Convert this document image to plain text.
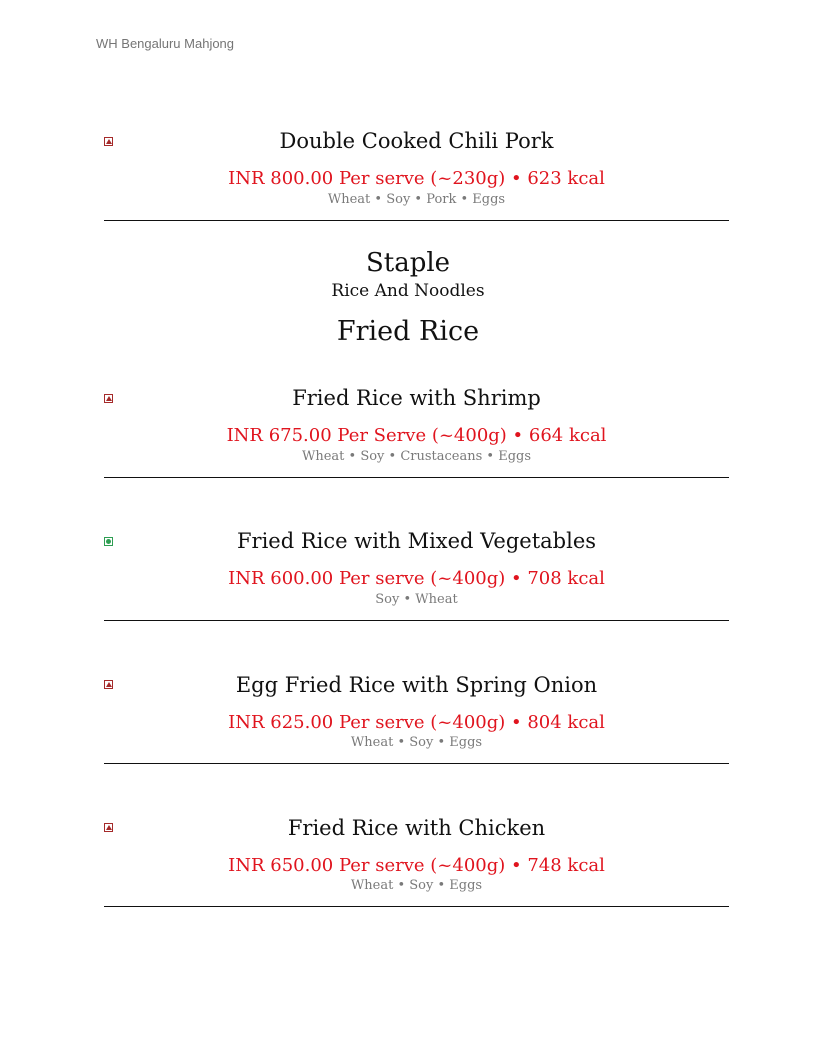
WH Bengaluru Mahjong
Double Cooked Chili Pork
INR 800.00 Per serve (~230g) • 623 kcal
Wheat • Soy • Pork • Eggs
Staple
Rice And Noodles
Fried Rice
Fried Rice with Shrimp
INR 675.00 Per Serve (~400g) • 664 kcal
Wheat • Soy • Crustaceans • Eggs
Fried Rice with Mixed Vegetables
INR 600.00 Per serve (~400g) • 708 kcal
Soy • Wheat
Egg Fried Rice with Spring Onion
INR 625.00 Per serve (~400g) • 804 kcal
Wheat • Soy • Eggs
Fried Rice with Chicken
INR 650.00 Per serve (~400g) • 748 kcal
Wheat • Soy • Eggs
